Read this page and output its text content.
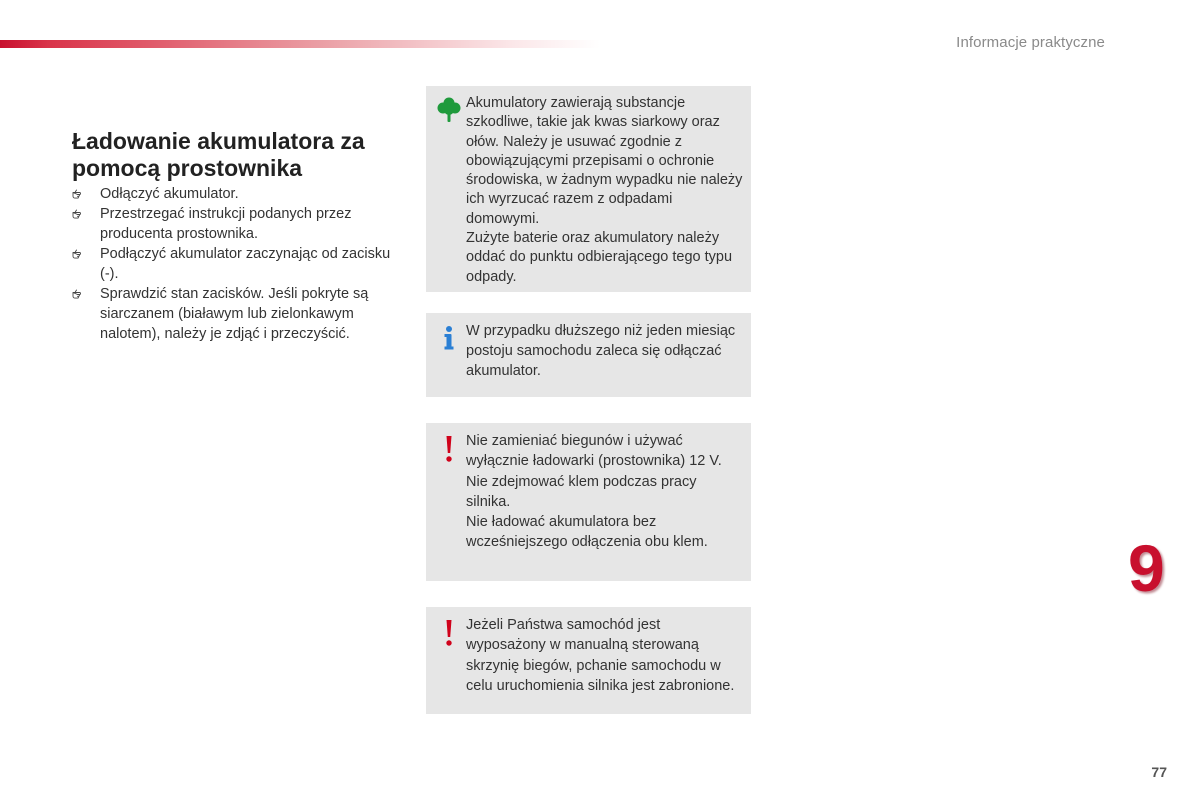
Informacje praktyczne
Ładowanie akumulatora za
pomocą prostownika
Odłączyć akumulator.
Przestrzegać instrukcji podanych przez producenta prostownika.
Podłączyć akumulator zaczynając od zacisku (-).
Sprawdzić stan zacisków. Jeśli pokryte są siarczanem (białawym lub zielonkawym nalotem), należy je zdjąć i przeczyścić.

Akumulatory zawierają substancje szkodliwe, takie jak kwas siarkowy oraz ołów. Należy je usuwać zgodnie z obowiązującymi przepisami o ochronie środowiska, w żadnym wypadku nie należy ich wyrzucać razem z odpadami domowymi.

Zużyte baterie oraz akumulatory należy oddać do punktu odbierającego tego typu odpady.

W przypadku dłuższego niż jeden miesiąc postoju samochodu zaleca się odłączać akumulator.

Nie zamieniać biegunów i używać wyłącznie ładowarki (prostownika) 12 V.

Nie zdejmować klem podczas pracy silnika.

Nie ładować akumulatora bez wcześniejszego odłączenia obu klem.

Jeżeli Państwa samochód jest wyposażony w manualną sterowaną skrzynię biegów, pchanie samochodu w celu uruchomienia silnika jest zabronione.
9
77
